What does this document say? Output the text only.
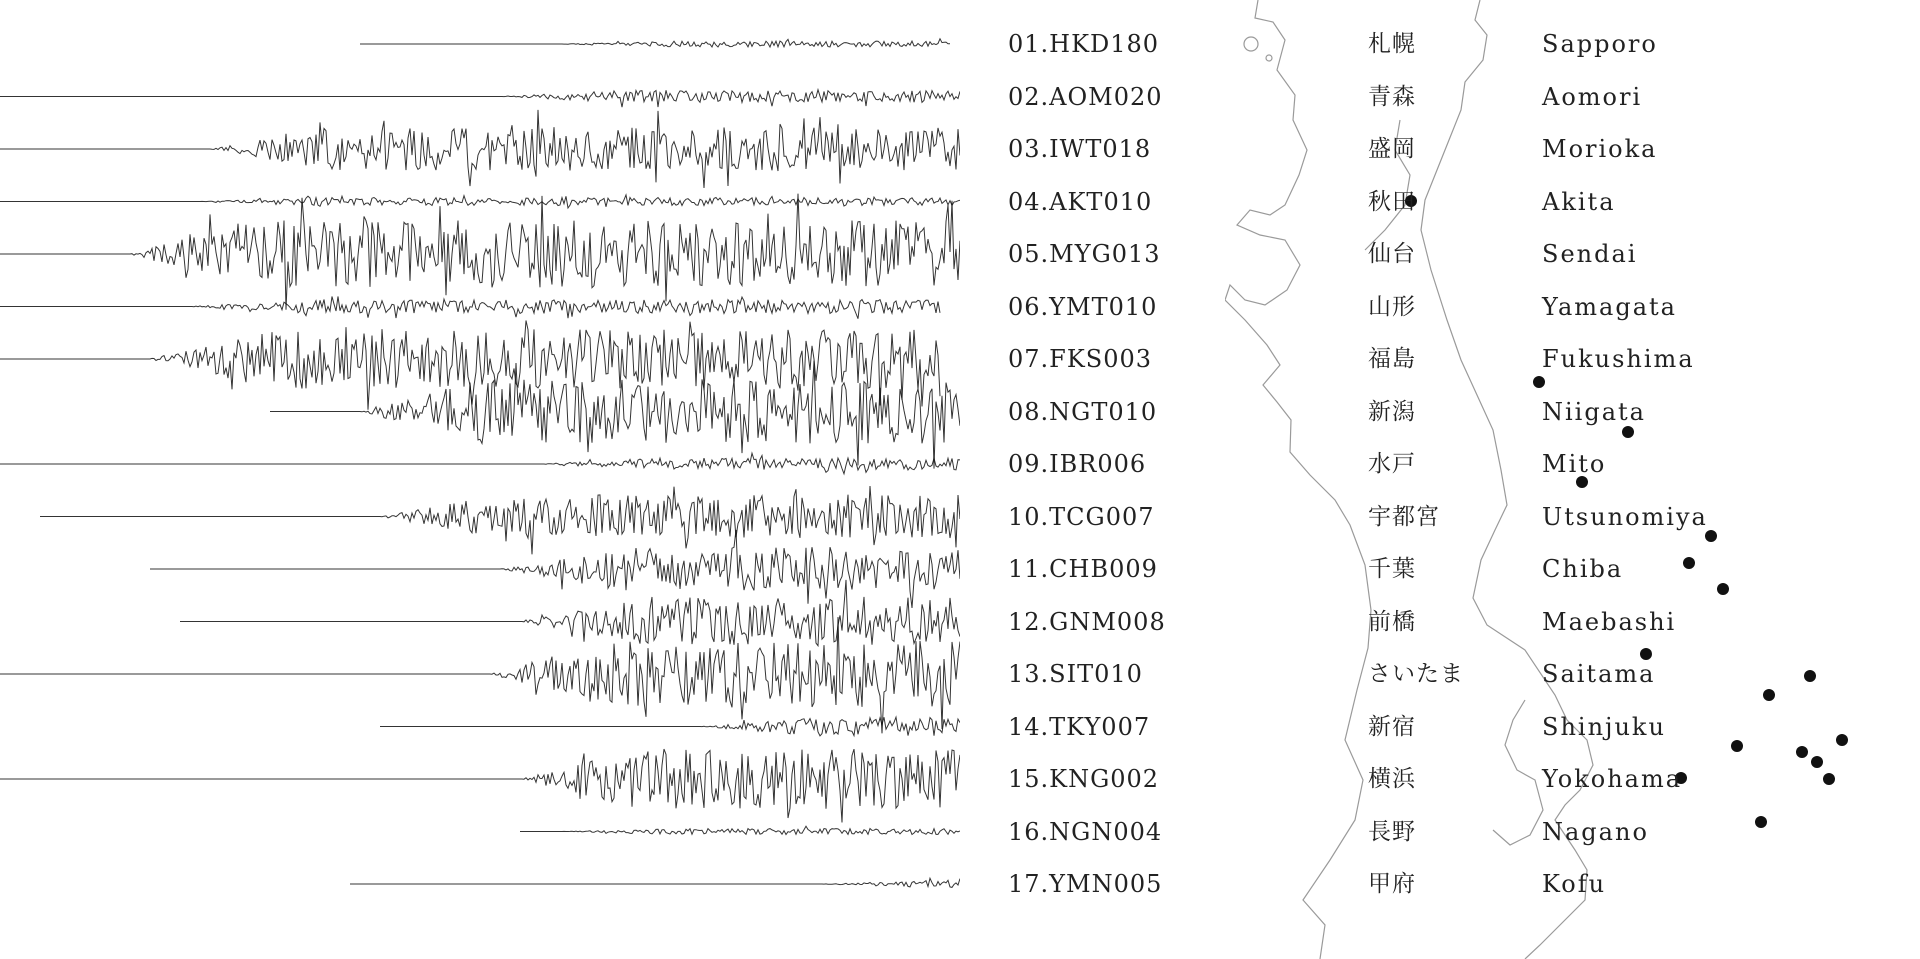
01.HKD180	札幌	Sapporo
02.AOM020	青森	Aomori
03.IWT018	盛岡	Morioka
04.AKT010	秋田	Akita
05.MYG013	仙台	Sendai
06.YMT010	山形	Yamagata
07.FKS003	福島	Fukushima
08.NGT010	新潟	Niigata
09.IBR006	水戸	Mito
10.TCG007	宇都宮	Utsunomiya
11.CHB009	千葉	Chiba
12.GNM008	前橋	Maebashi
13.SIT010	さいたま	Saitama
14.TKY007	新宿	Shinjuku
15.KNG002	横浜	Yokohama
16.NGN004	長野	Nagano
17.YMN005	甲府	Kofu
